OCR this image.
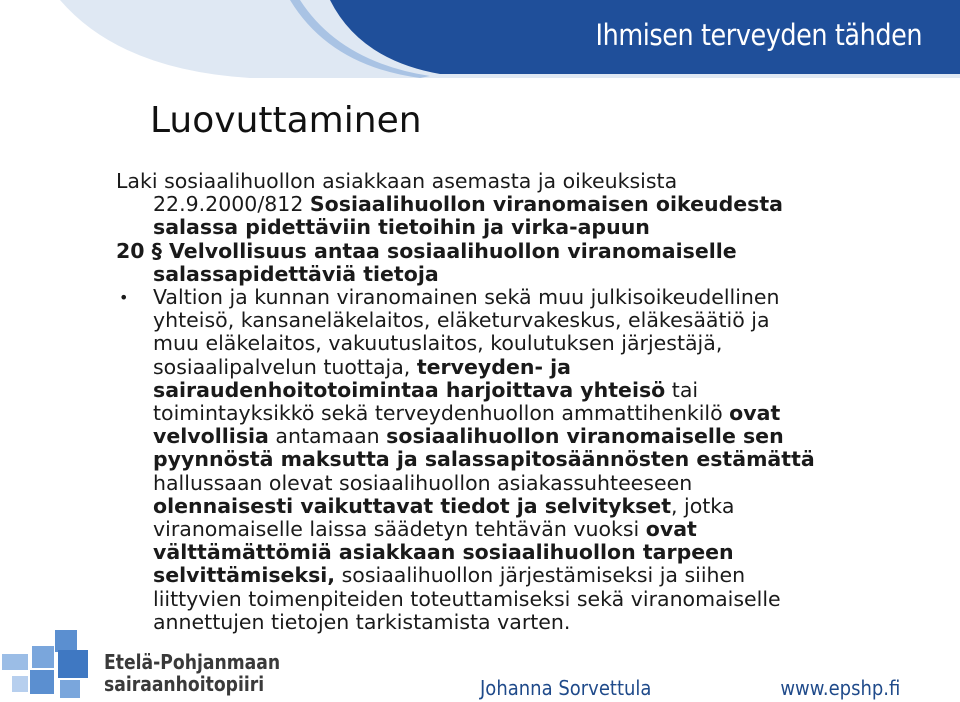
Ihmisen terveyden tähden
Luovuttaminen

Laki sosiaalihuollon asiakkaan asemasta ja oikeuksista

22.9.2000/812 Sosiaalihuollon viranomaisen oikeudesta

salassa pidettäviin tietoihin ja virka-apuun

20 § Velvollisuus antaa sosiaalihuollon viranomaiselle

salassapidettäviä tietoja

• Valtion ja kunnan viranomainen sekä muu julkisoikeudellinen

yhteisö, kansaneläkelaitos, eläketurvakeskus, eläkesäätiö ja

muu eläkelaitos, vakuutuslaitos, koulutuksen järjestäjä,

sosiaalipalvelun tuottaja, terveyden- ja

sairaudenhoitotoimintaa harjoittava yhteisö tai

toimintayksikkö sekä terveydenhuollon ammattihenkilö ovat

velvollisia antamaan sosiaalihuollon viranomaiselle sen

pyynnöstä maksutta ja salassapitosäännösten estämättä

hallussaan olevat sosiaalihuollon asiakassuhteeseen

olennaisesti vaikuttavat tiedot ja selvitykset, jotka

viranomaiselle laissa säädetyn tehtävän vuoksi ovat

välttämättömiä asiakkaan sosiaalihuollon tarpeen

selvittämiseksi, sosiaalihuollon järjestämiseksi ja siihen

liittyvien toimenpiteiden toteuttamiseksi sekä viranomaiselle

annettujen tietojen tarkistamista varten.

Etelä-Pohjanmaan
sairaanhoitopiiri	Johanna Sorvettula	www.epshp.fi
